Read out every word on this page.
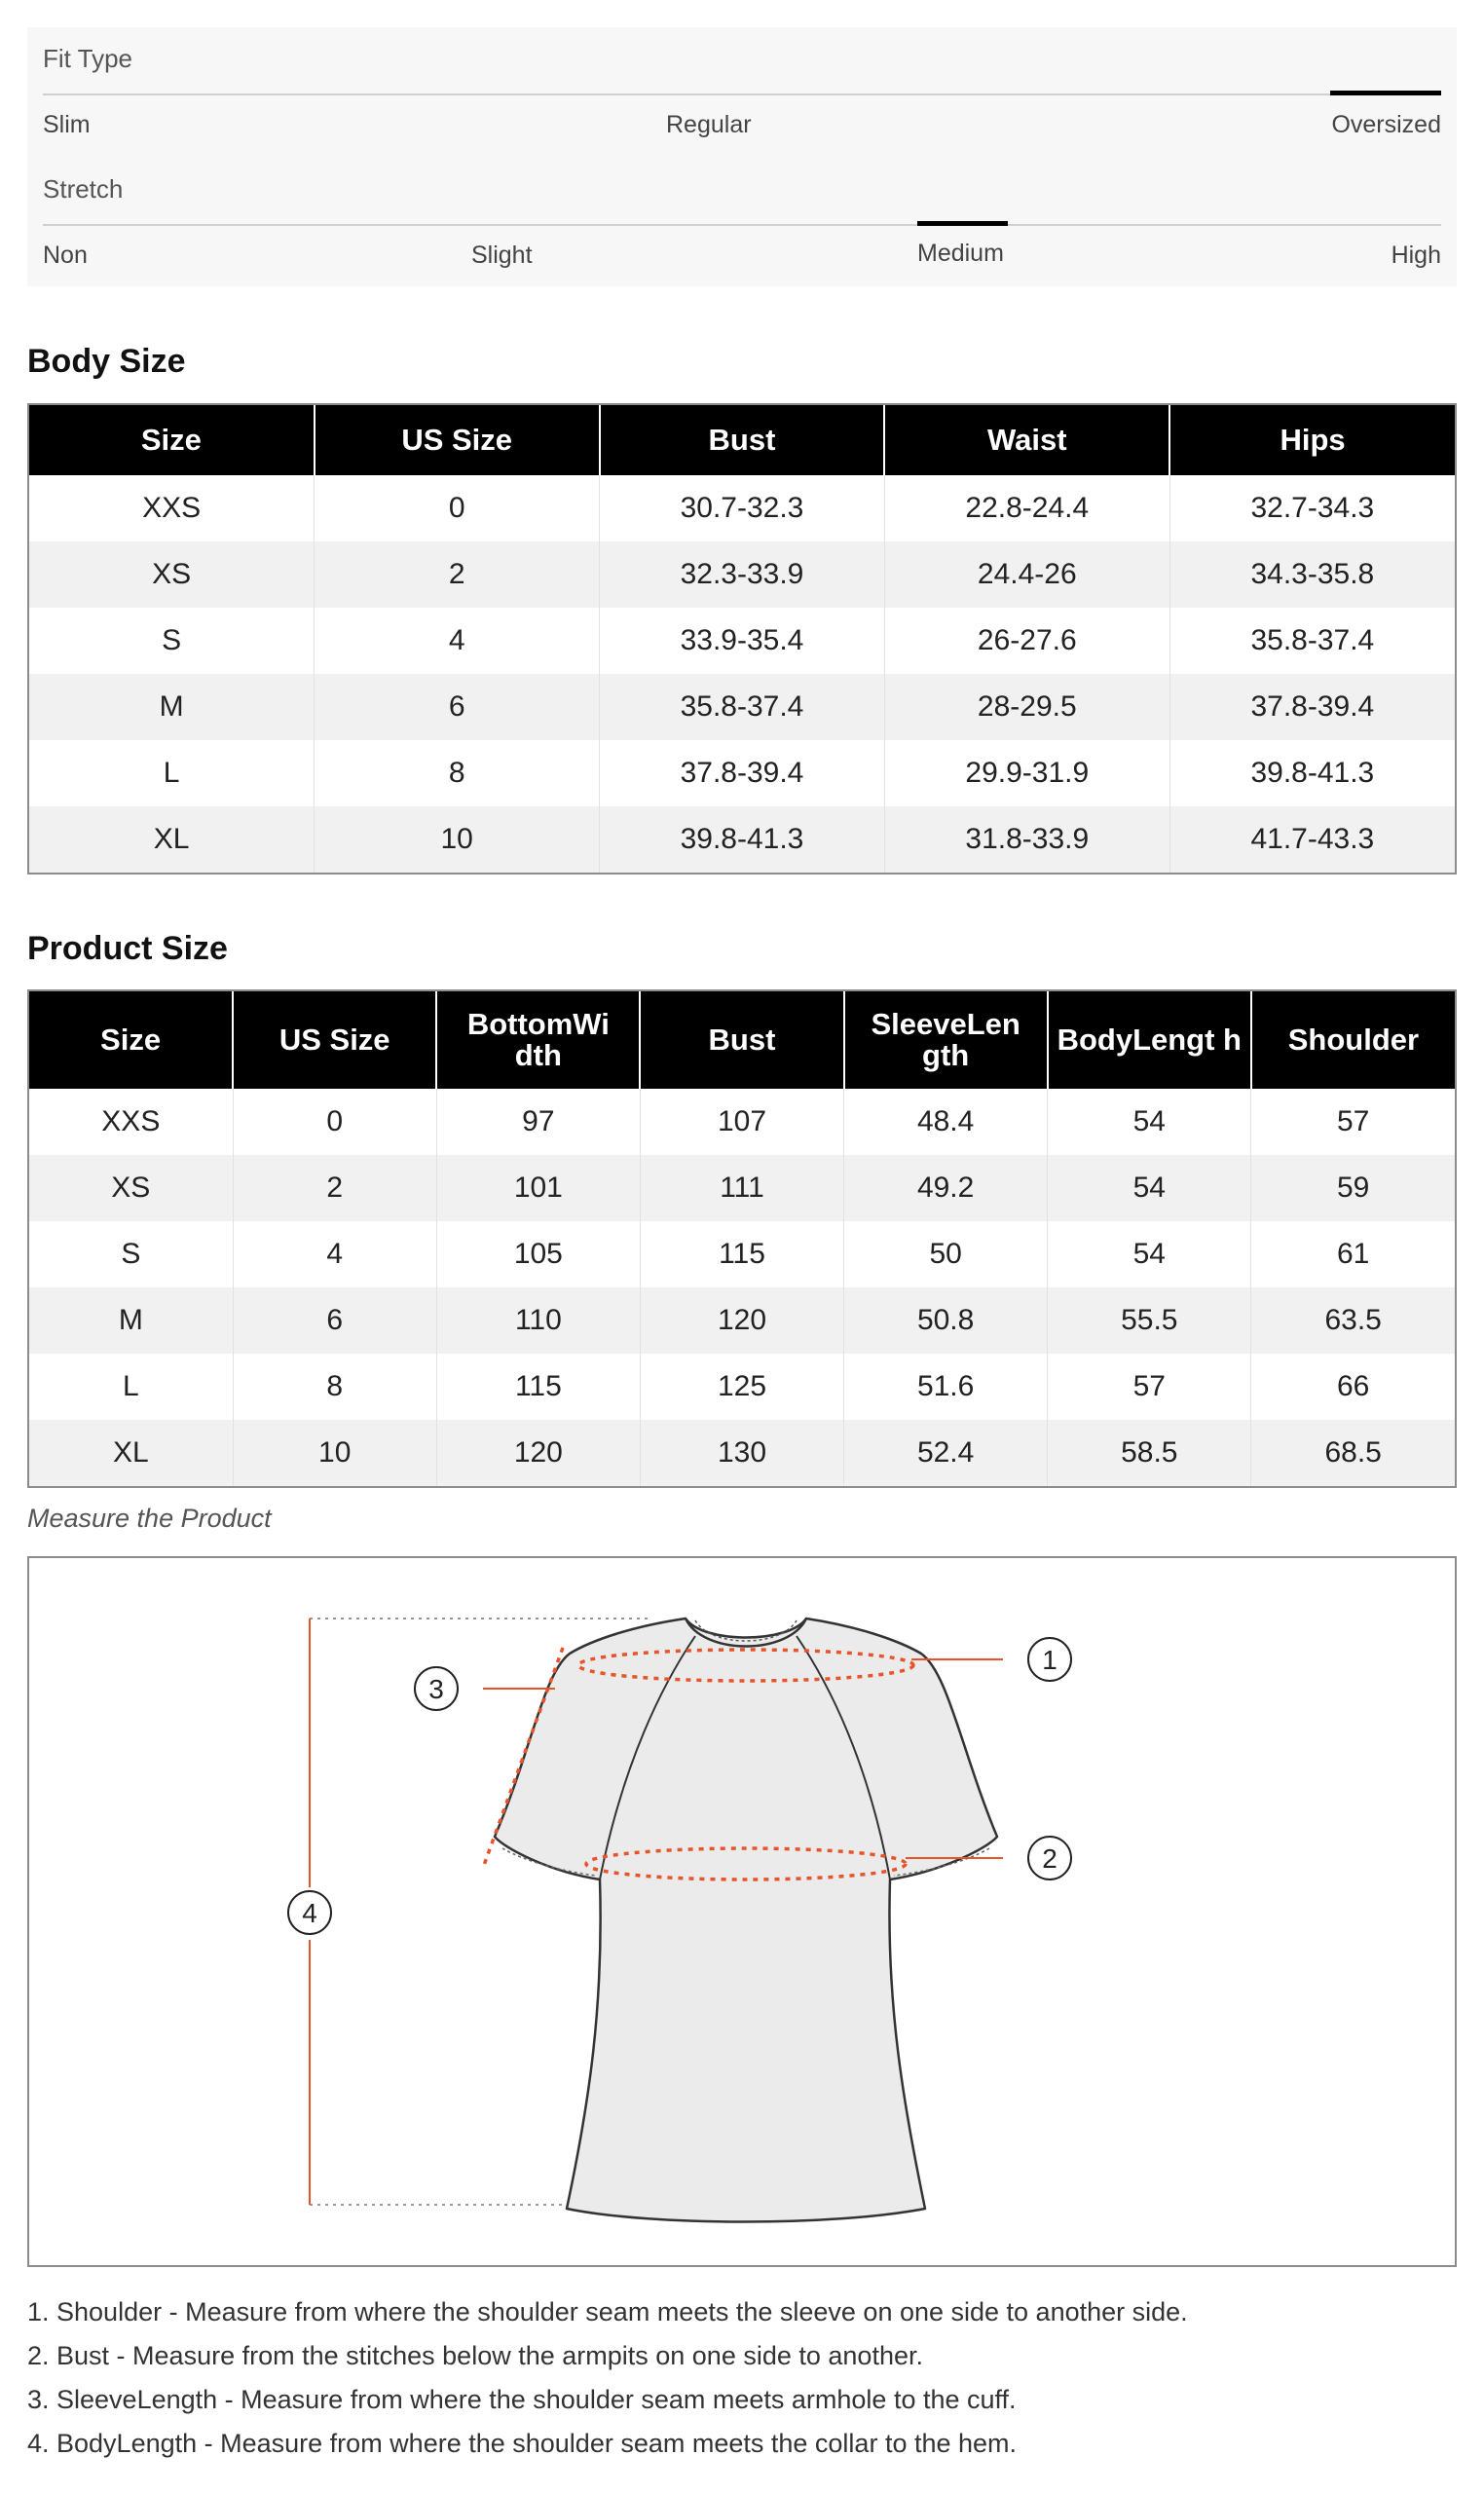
Fit Type
Slim	Regular	Oversized
Stretch
Non	Slight	Medium	High
Body Size
Size	US Size	Bust	Waist	Hips
XXS	0	30.7-32.3	22.8-24.4	32.7-34.3
XS	2	32.3-33.9	24.4-26	34.3-35.8
S	4	33.9-35.4	26-27.6	35.8-37.4
M	6	35.8-37.4	28-29.5	37.8-39.4
L	8	37.8-39.4	29.9-31.9	39.8-41.3
XL	10	39.8-41.3	31.8-33.9	41.7-43.3
Product Size
Size	US Size	BottomWi dth	Bust	SleeveLen gth	BodyLengt h	Shoulder
XXS	0	97	107	48.4	54	57
XS	2	101	111	49.2	54	59
S	4	105	115	50	54	61
M	6	110	120	50.8	55.5	63.5
L	8	115	125	51.6	57	66
XL	10	120	130	52.4	58.5	68.5
Measure the Product
1
2
3
4
1. Shoulder - Measure from where the shoulder seam meets the sleeve on one side to another side.
2. Bust - Measure from the stitches below the armpits on one side to another.
3. SleeveLength - Measure from where the shoulder seam meets armhole to the cuff.
4. BodyLength - Measure from where the shoulder seam meets the collar to the hem.
